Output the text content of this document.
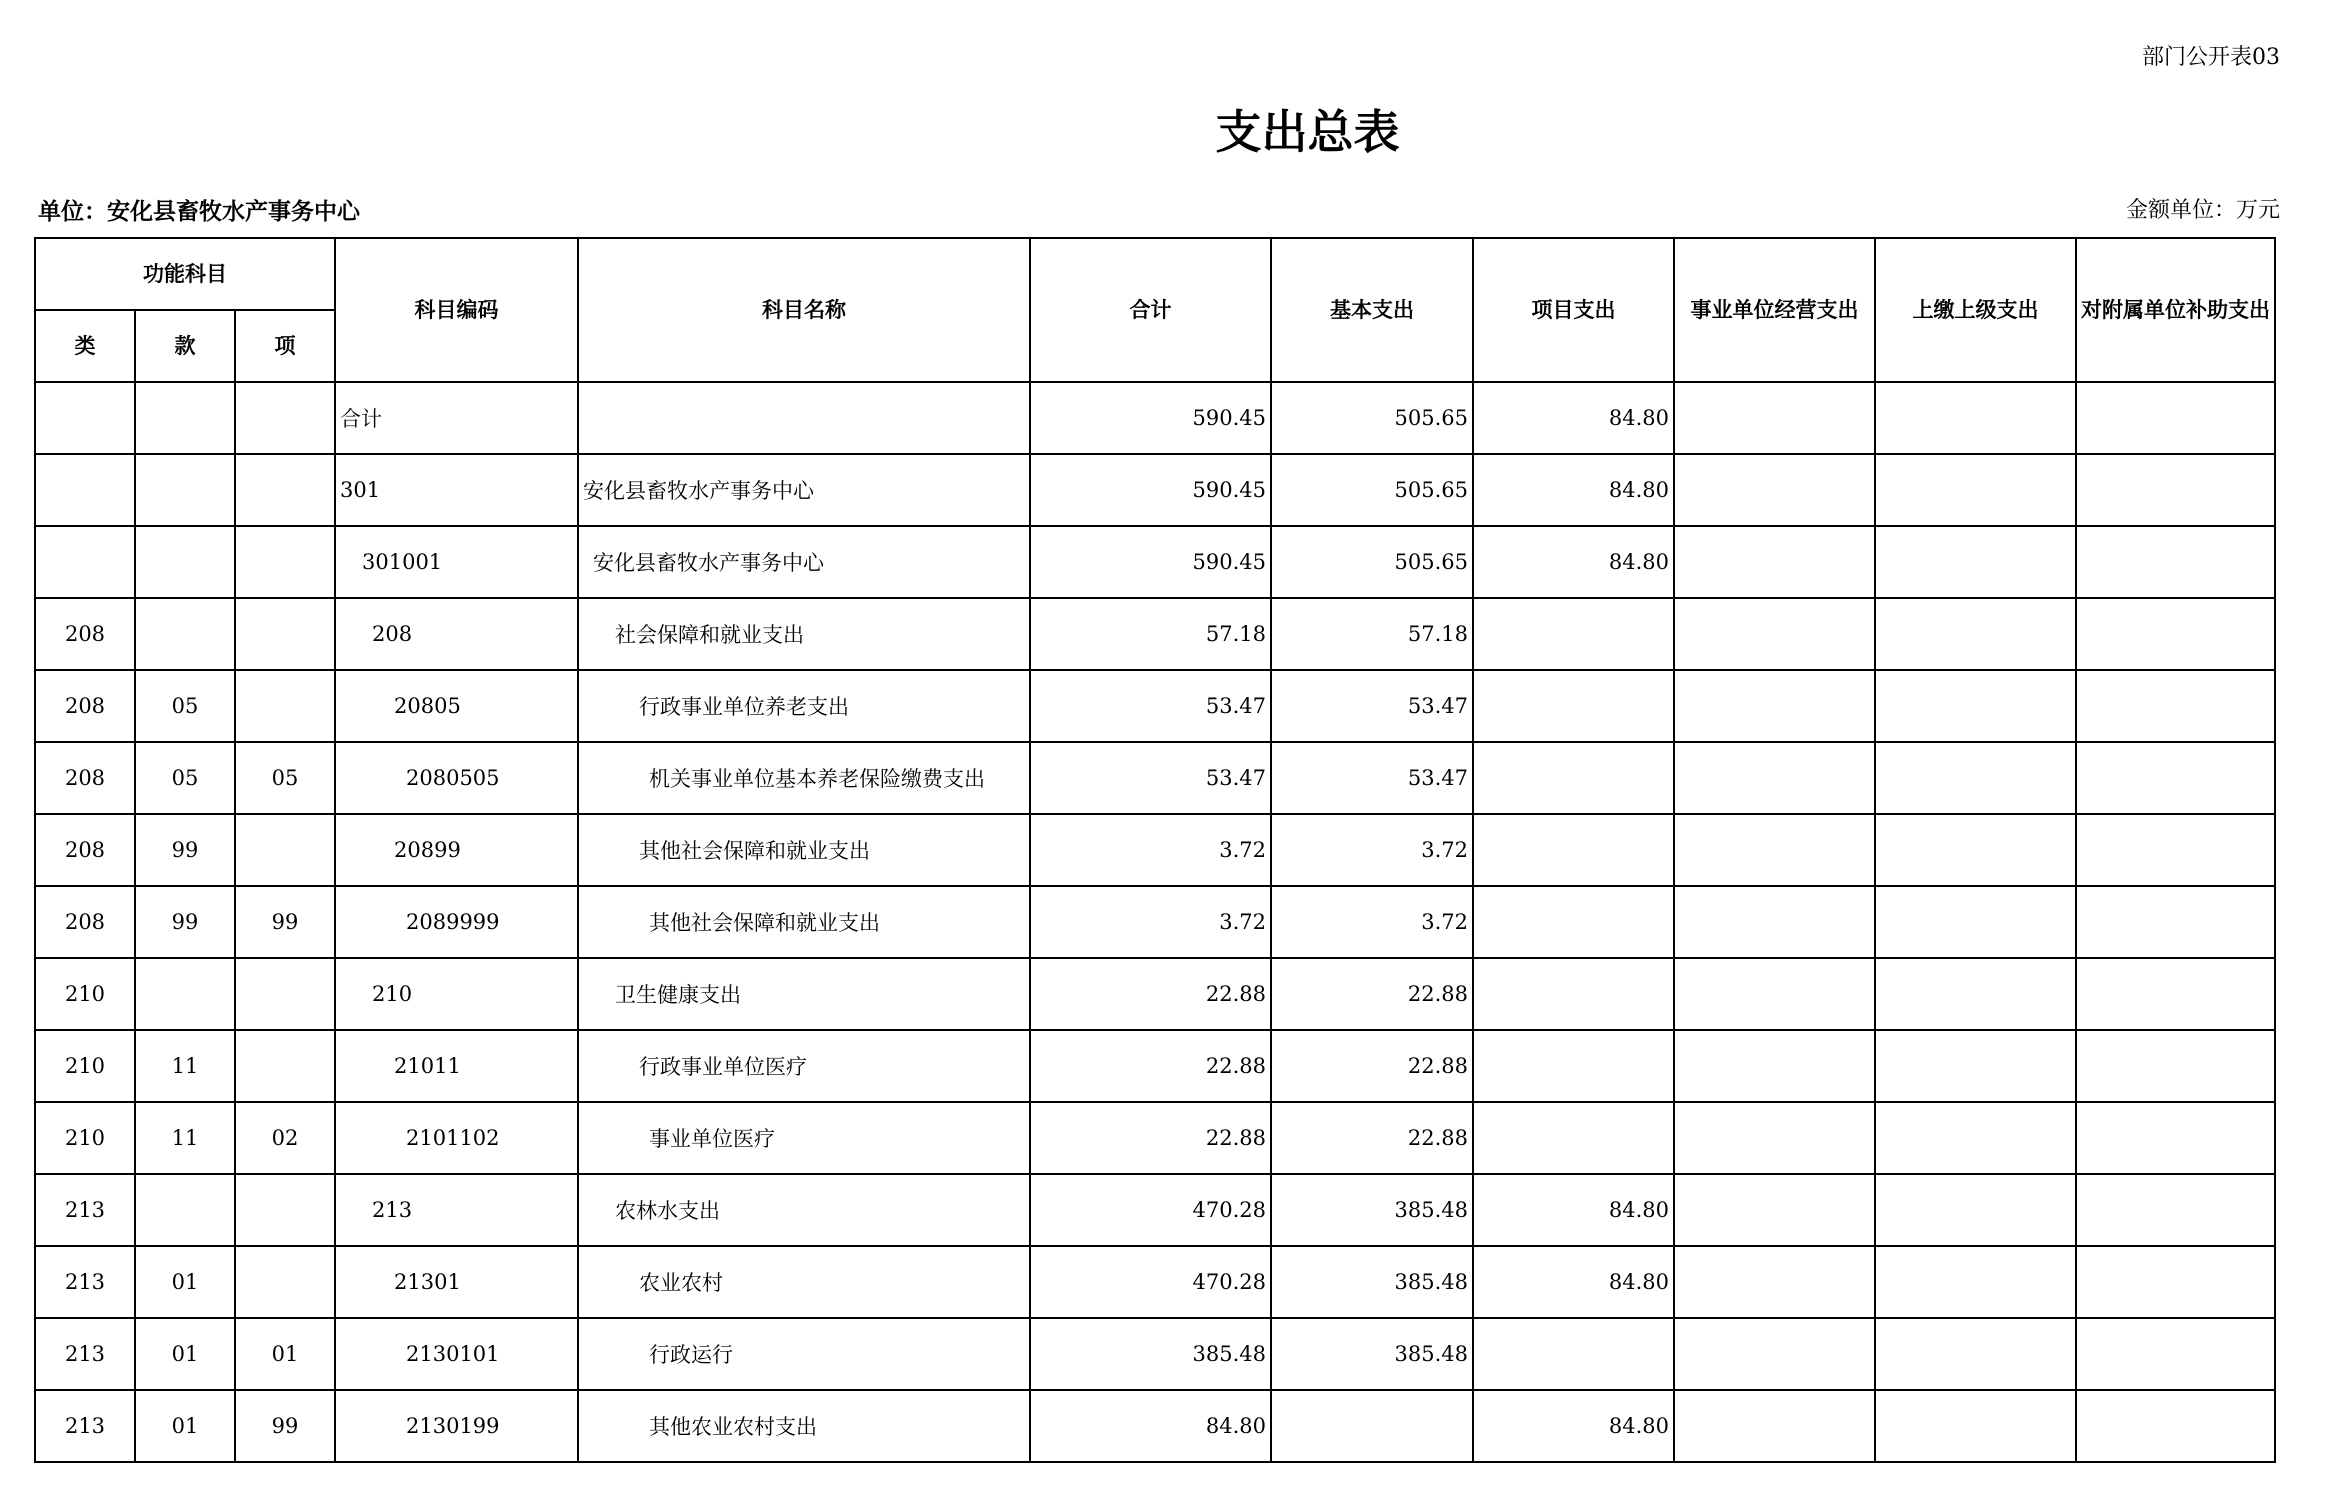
部门公开表03
支出总表
单位：安化县畜牧水产事务中心	金额单位：万元
功能科目			科目编码	科目名称	合计	基本支出	项目支出	事业单位经营支出	上缴上级支出	对附属单位补助支出
类	款	项								
			合计		590.45	505.65	84.80			
			301	安化县畜牧水产事务中心	590.45	505.65	84.80			
			301001	安化县畜牧水产事务中心	590.45	505.65	84.80			
208			208	社会保障和就业支出	57.18	57.18				
208	05		20805	行政事业单位养老支出	53.47	53.47				
208	05	05	2080505	机关事业单位基本养老保险缴费支出	53.47	53.47				
208	99		20899	其他社会保障和就业支出	3.72	3.72				
208	99	99	2089999	其他社会保障和就业支出	3.72	3.72				
210			210	卫生健康支出	22.88	22.88				
210	11		21011	行政事业单位医疗	22.88	22.88				
210	11	02	2101102	事业单位医疗	22.88	22.88				
213			213	农林水支出	470.28	385.48	84.80			
213	01		21301	农业农村	470.28	385.48	84.80			
213	01	01	2130101	行政运行	385.48	385.48				
213	01	99	2130199	其他农业农村支出	84.80		84.80			
